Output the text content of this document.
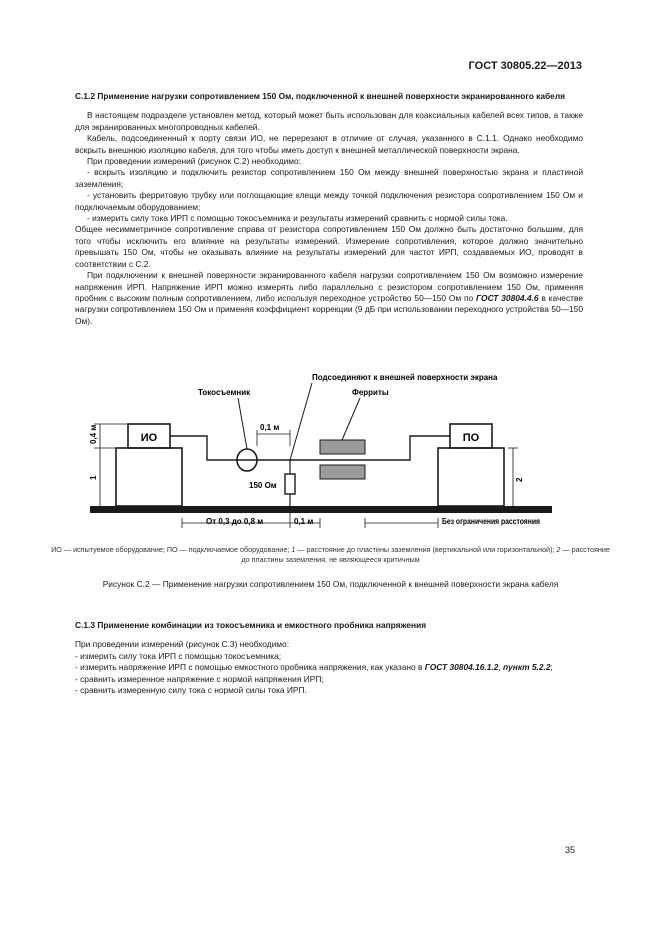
ГОСТ 30805.22—2013

С.1.2 Применение нагрузки сопротивлением 150 Ом, подключенной к внешней поверхности экранированного кабеля

В настоящем подразделе установлен метод, который может быть использован для коаксиальных кабелей всех типов, а также для экранированных многопроводных кабелей.

Кабель, подсоединенный к порту связи ИО, не перерезают в отличие от случая, указанного в С.1.1. Однако необходимо вскрыть внешнюю изоляцию кабеля, для того чтобы иметь доступ к внешней металлической поверхности экрана.

При проведении измерений (рисунок С.2) необходимо:

- вскрыть изоляцию и подключить резистор сопротивлением 150 Ом между внешней поверхностью экрана и пластиной заземления;

- установить ферритовую трубку или поглощающие клещи между точкой подключения резистора сопротивлением 150 Ом и подключаемым оборудованием;

- измерить силу тока ИРП с помощью токосъемника и результаты измерений сравнить с нормой силы тока.

Общее несимметричное сопротивление справа от резистора сопротивлением 150 Ом должно быть достаточно большим, для того чтобы исключить его влияние на результаты измерений. Измерение сопротивления, которое должно значительно превышать 150 Ом, чтобы не оказывать влияние на результаты измерений для частот ИРП, создаваемых ИО, проводят в соответствии с С.2.

При подключении к внешней поверхности экранированного кабеля нагрузки сопротивлением 150 Ом возможно измерение напряжения ИРП. Напряжение ИРП можно измерять либо параллельно с резистором сопротивлением 150 Ом, применяя пробник с высоким полным сопротивлением, либо используя переходное устройство 50—150 Ом по ГОСТ 30804.4.6 в качестве нагрузки сопротивлением 150 Ом и применяя коэффициент коррекции (9 дБ при использовании переходного устройства 50—150 Ом).

ИО	ПО
Токосъемник
150 Ом
Подсоединяют к внешней поверхности экрана
Ферриты
0,1 м
0,4 м
1	2
От 0,3 до 0,8 м	0,1 м	Без ограничения расстояния
ИО — испытуемое оборудование; ПО — подключаемое оборудование; 1 — расстояние до пластины заземления (вертикальной или горизонтальной); 2 — расстояние до пластины заземления, не являющееся критичным
Рисунок С.2 — Применение нагрузки сопротивлением 150 Ом, подключенной к внешней поверхности экрана кабеля

С.1.3 Применение комбинации из токосъемника и емкостного пробника напряжения

При проведении измерений (рисунок С.3) необходимо:

- измерить силу тока ИРП с помощью токосъемника;

- измерить напряжение ИРП с помощью емкостного пробника напряжения, как указано в ГОСТ 30804.16.1.2, пункт 5.2.2;

- сравнить измеренное напряжение с нормой напряжения ИРП;

- сравнить измеренную силу тока с нормой силы тока ИРП.

35
